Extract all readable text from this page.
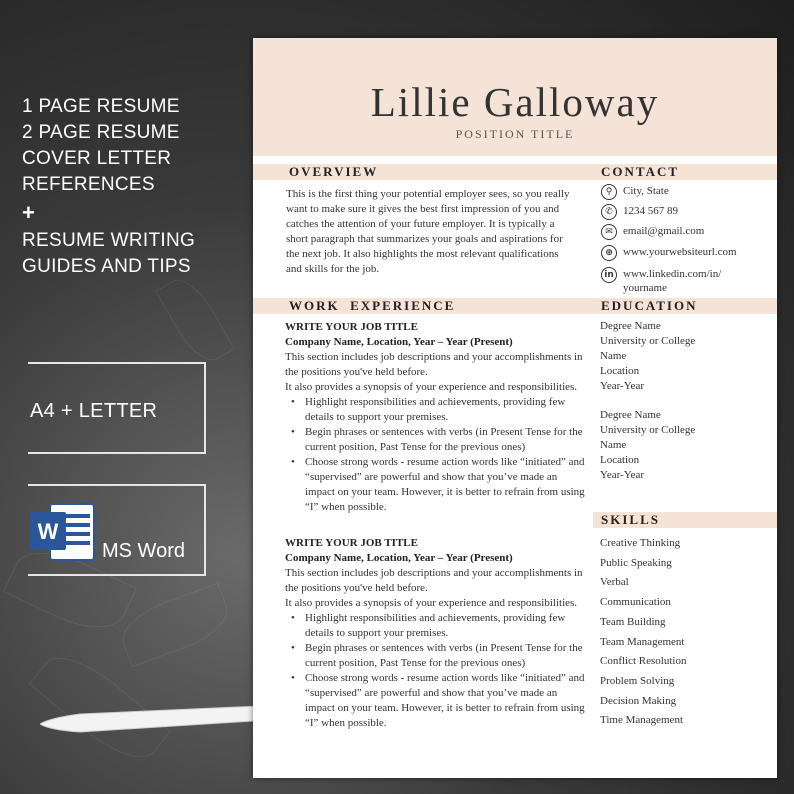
1 PAGE RESUME
2 PAGE RESUME
COVER LETTER
REFERENCES
+
RESUME WRITING
GUIDES AND TIPS
A4 + LETTER
W
MS Word
Lillie Galloway
POSITION TITLE
OVERVIEW	CONTACT
WORK  EXPERIENCE	EDUCATION
SKILLS
This is the first thing your potential employer sees, so you really want to make sure it gives the best first impression of you and catches the attention of your future employer. It is typically a short paragraph that summarizes your goals and aspirations for the next job. It also highlights the most relevant qualifications and skills for the job.
⚲ City, State
✆ 1234 567 89
✉ email@gmail.com
⊕ www.yourwebsiteurl.com
in www.linkedin.com/in/ yourname
WRITE YOUR JOB TITLE
Company Name, Location, Year – Year (Present)
This section includes job descriptions and your accomplishments in the positions you've held before.
It also provides a synopsis of your experience and responsibilities.
• Highlight responsibilities and achievements, providing few details to support your premises.
• Begin phrases or sentences with verbs (in Present Tense for the current position, Past Tense for the previous ones)
• Choose strong words - resume action words like “initiated” and “supervised” are powerful and show that you’ve made an impact on your team. However, it is better to refrain from using “I” when possible.
WRITE YOUR JOB TITLE
Company Name, Location, Year – Year (Present)
This section includes job descriptions and your accomplishments in the positions you've held before.
It also provides a synopsis of your experience and responsibilities.
• Highlight responsibilities and achievements, providing few details to support your premises.
• Begin phrases or sentences with verbs (in Present Tense for the current position, Past Tense for the previous ones)
• Choose strong words - resume action words like “initiated” and “supervised” are powerful and show that you’ve made an impact on your team. However, it is better to refrain from using “I” when possible.
Degree Name
University or College
Name
Location
Year-Year
Degree Name
University or College
Name
Location
Year-Year
Creative Thinking
Public Speaking
Verbal
Communication
Team Building
Team Management
Conflict Resolution
Problem Solving
Decision Making
Time Management
